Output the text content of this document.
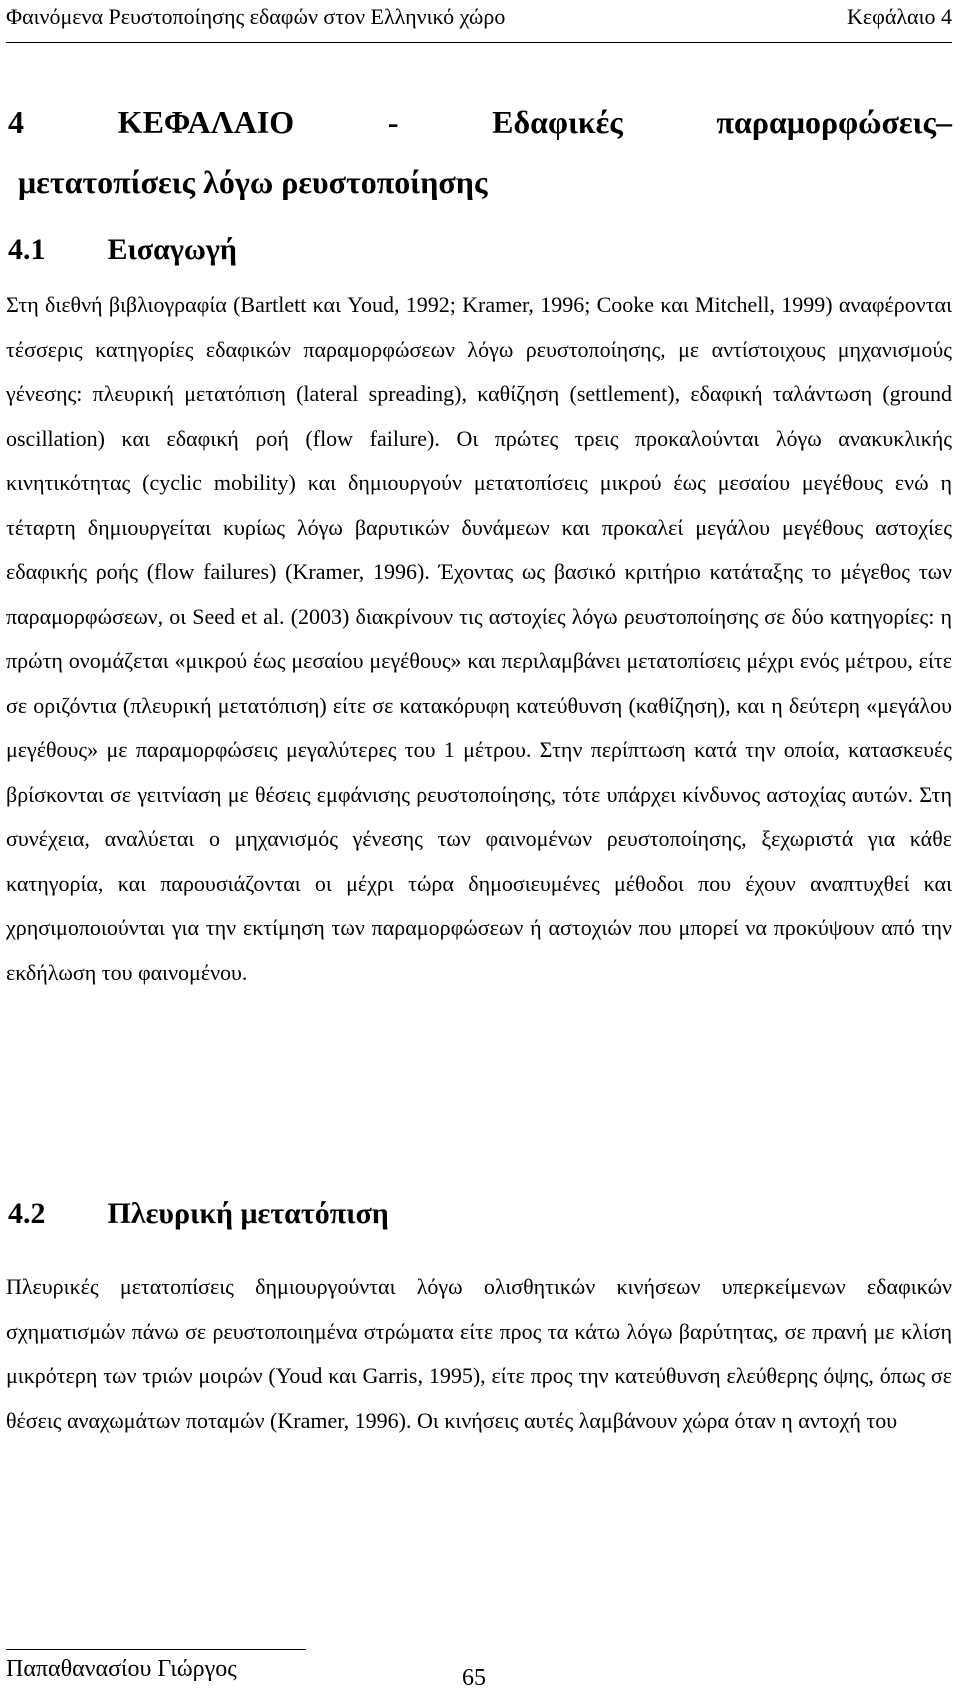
Φαινόμενα Ρευστοποίησης εδαφών στον Ελληνικό χώρο	Κεφάλαιο 4
4	ΚΕΦΑΛΑΙΟ	-	Εδαφικές	παραμορφώσεις–
μετατοπίσεις λόγω ρευστοποίησης
4.1 Εισαγωγή

Στη διεθνή βιβλιογραφία (Bartlett και Youd, 1992; Kramer, 1996; Cooke και Mitchell, 1999) αναφέρονται τέσσερις κατηγορίες εδαφικών παραμορφώσεων λόγω ρευστοποίησης, με αντίστοιχους μηχανισμούς γένεσης: πλευρική μετατόπιση (lateral spreading), καθίζηση (settlement), εδαφική ταλάντωση (ground oscillation) και εδαφική ροή (flow failure). Οι πρώτες τρεις προκαλούνται λόγω ανακυκλικής κινητικότητας (cyclic mobility) και δημιουργούν μετατοπίσεις μικρού έως μεσαίου μεγέθους ενώ η τέταρτη δημιουργείται κυρίως λόγω βαρυτικών δυνάμεων και προκαλεί μεγάλου μεγέθους αστοχίες εδαφικής ροής (flow failures) (Kramer, 1996). Έχοντας ως βασικό κριτήριο κατάταξης το μέγεθος των παραμορφώσεων, οι Seed et al. (2003) διακρίνουν τις αστοχίες λόγω ρευστοποίησης σε δύο κατηγορίες: η πρώτη ονομάζεται «μικρού έως μεσαίου μεγέθους» και περιλαμβάνει μετατοπίσεις μέχρι ενός μέτρου, είτε σε οριζόντια (πλευρική μετατόπιση) είτε σε κατακόρυφη κατεύθυνση (καθίζηση), και η δεύτερη «μεγάλου μεγέθους» με παραμορφώσεις μεγαλύτερες του 1 μέτρου. Στην περίπτωση κατά την οποία, κατασκευές βρίσκονται σε γειτνίαση με θέσεις εμφάνισης ρευστοποίησης, τότε υπάρχει κίνδυνος αστοχίας αυτών. Στη συνέχεια, αναλύεται ο μηχανισμός γένεσης των φαινομένων ρευστοποίησης, ξεχωριστά για κάθε κατηγορία, και παρουσιάζονται οι μέχρι τώρα δημοσιευμένες μέθοδοι που έχουν αναπτυχθεί και χρησιμοποιούνται για την εκτίμηση των παραμορφώσεων ή αστοχιών που μπορεί να προκύψουν από την εκδήλωση του φαινομένου.

4.2 Πλευρική μετατόπιση

Πλευρικές μετατοπίσεις δημιουργούνται λόγω ολισθητικών κινήσεων υπερκείμενων εδαφικών σχηματισμών πάνω σε ρευστοποιημένα στρώματα είτε προς τα κάτω λόγω βαρύτητας, σε πρανή με κλίση μικρότερη των τριών μοιρών (Youd και Garris, 1995), είτε προς την κατεύθυνση ελεύθερης όψης, όπως σε θέσεις αναχωμάτων ποταμών (Kramer, 1996). Οι κινήσεις αυτές λαμβάνουν χώρα όταν η αντοχή του

Παπαθανασίου Γιώργος	65
